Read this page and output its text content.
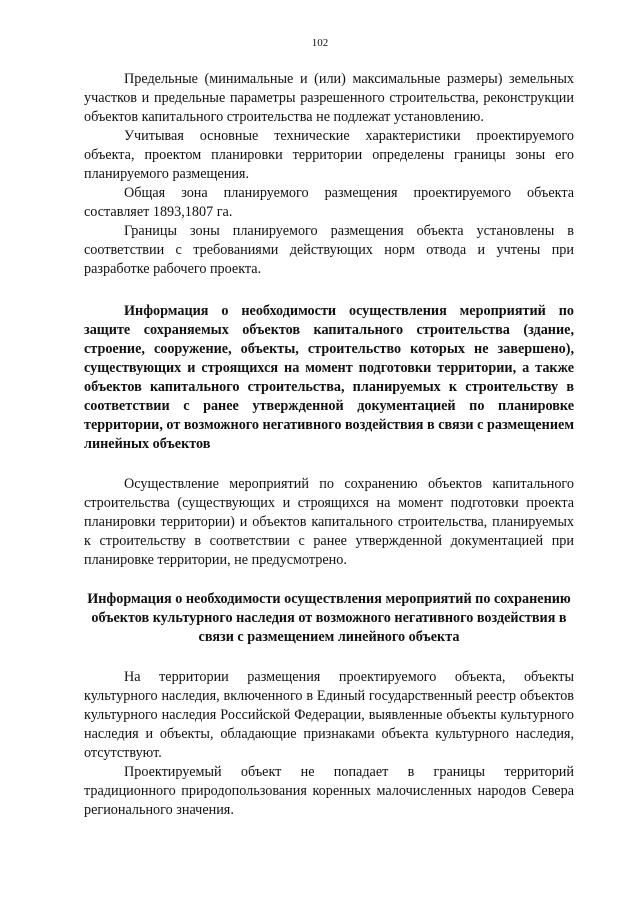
102

Предельные (минимальные и (или) максимальные размеры) земельных участков и предельные параметры разрешенного строительства, реконструкции объектов капитального строительства не подлежат установлению.

Учитывая основные технические характеристики проектируемого объекта, проектом планировки территории определены границы зоны его планируемого размещения.

Общая зона планируемого размещения проектируемого объекта составляет 1893,1807 га.

Границы зоны планируемого размещения объекта установлены в соответствии с требованиями действующих норм отвода и учтены при разработке рабочего проекта.

Информация о необходимости осуществления мероприятий по защите сохраняемых объектов капитального строительства (здание, строение, сооружение, объекты, строительство которых не завершено), существующих и строящихся на момент подготовки территории, а также объектов капитального строительства, планируемых к строительству в соответствии с ранее утвержденной документацией по планировке территории, от возможного негативного воздействия в связи с размещением линейных объектов

Осуществление мероприятий по сохранению объектов капитального строительства (существующих и строящихся на момент подготовки проекта планировки территории) и объектов капитального строительства, планируемых к строительству в соответствии с ранее утвержденной документацией при планировке территории, не предусмотрено.

Информация о необходимости осуществления мероприятий по сохранению объектов культурного наследия от возможного негативного воздействия в связи с размещением линейного объекта

На территории размещения проектируемого объекта, объекты культурного наследия, включенного в Единый государственный реестр объектов культурного наследия Российской Федерации, выявленные объекты культурного наследия и объекты, обладающие признаками объекта культурного наследия, отсутствуют.

Проектируемый объект не попадает в границы территорий традиционного природопользования коренных малочисленных народов Севера регионального значения.
